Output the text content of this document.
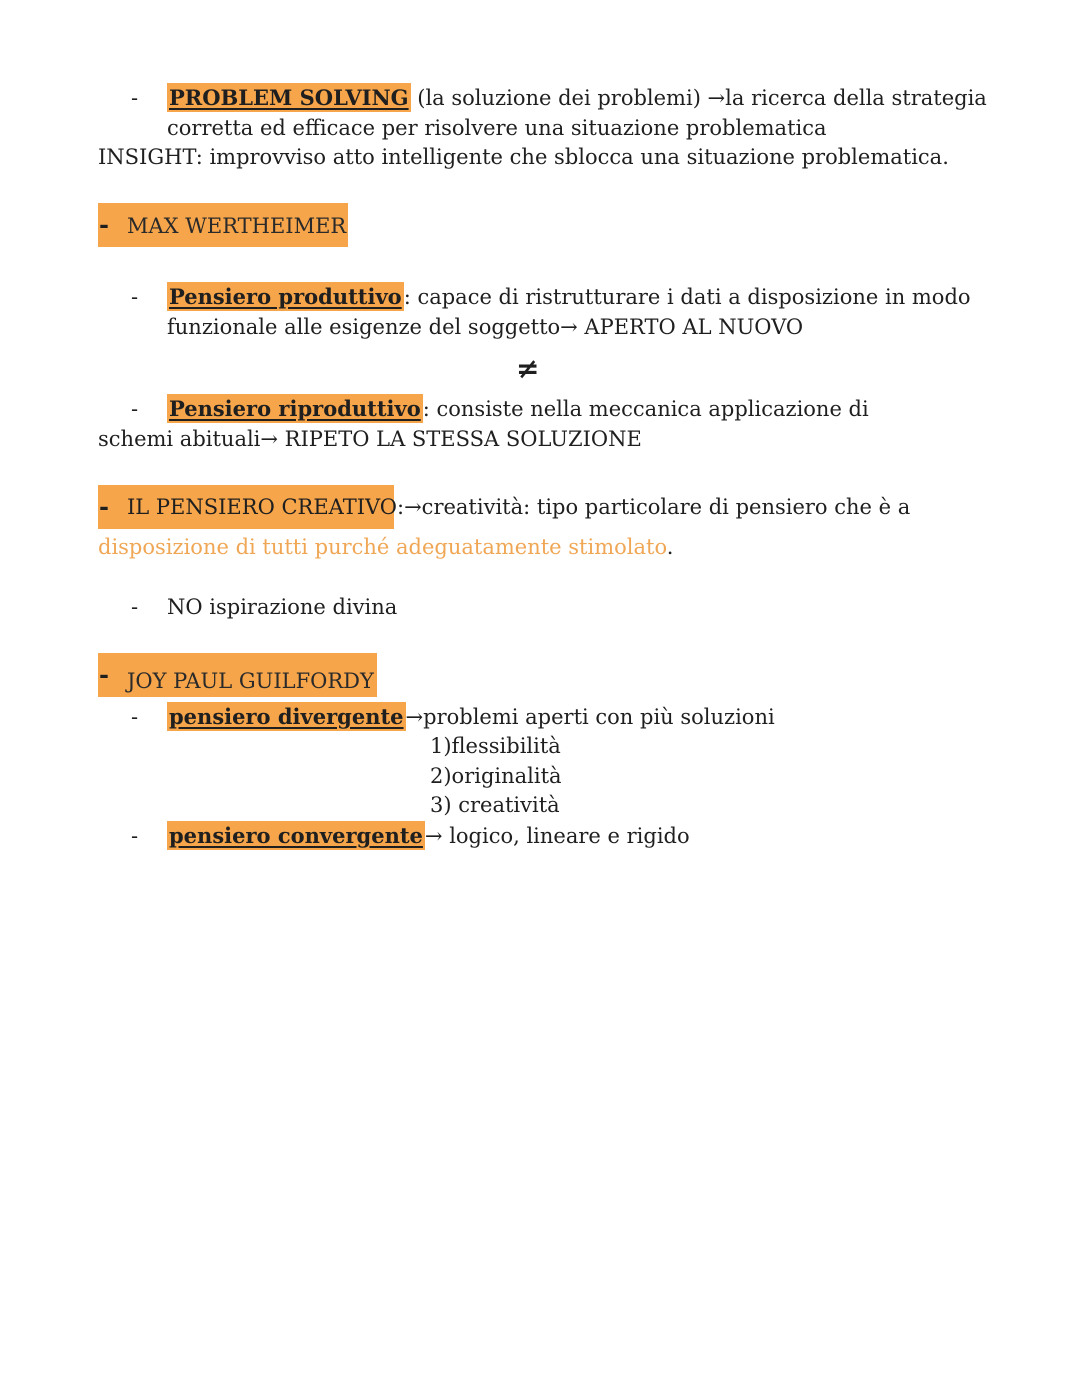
- PROBLEM SOLVING (la soluzione dei problemi) →la ricerca della strategia
corretta ed efficace per risolvere una situazione problematica
INSIGHT: improvviso atto intelligente che sblocca una situazione problematica.
- MAX WERTHEIMER
- Pensiero produttivo: capace di ristrutturare i dati a disposizione in modo
funzionale alle esigenze del soggetto→ APERTO AL NUOVO
≠
- Pensiero riproduttivo: consiste nella meccanica applicazione di
schemi abituali→ RIPETO LA STESSA SOLUZIONE
- IL PENSIERO CREATIVO:→creatività: tipo particolare di pensiero che è a
disposizione di tutti purché adeguatamente stimolato.
- NO ispirazione divina
- JOY PAUL GUILFORDY
- pensiero divergente→problemi aperti con più soluzioni
1)flessibilità
2)originalità
3) creatività
- pensiero convergente→ logico, lineare e rigido
